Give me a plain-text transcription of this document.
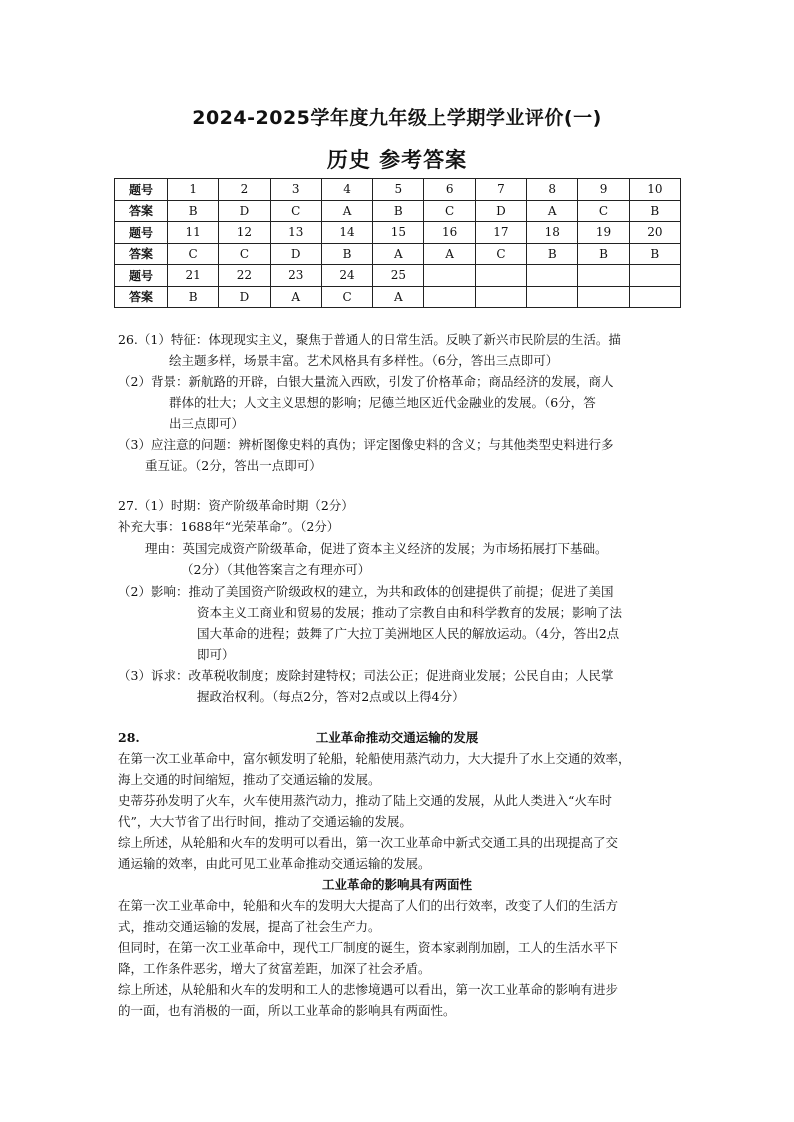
2024-2025学年度九年级上学期学业评价(一)
历史 参考答案
题号	1	2	3	4	5	6	7	8	9	10
答案	B	D	C	A	B	C	D	A	C	B
题号	11	12	13	14	15	16	17	18	19	20
答案	C	C	D	B	A	A	C	B	B	B
题号	21	22	23	24	25					
答案	B	D	A	C	A					
26.（1）特征：体现现实主义，聚焦于普通人的日常生活。反映了新兴市民阶层的生活。描
绘主题多样，场景丰富。艺术风格具有多样性。（6分，答出三点即可）
（2）背景：新航路的开辟，白银大量流入西欧，引发了价格革命；商品经济的发展，商人
群体的壮大；人文主义思想的影响；尼德兰地区近代金融业的发展。（6分，答
出三点即可）
（3）应注意的问题：辨析图像史料的真伪；评定图像史料的含义；与其他类型史料进行多
重互证。（2分，答出一点即可）
27.（1）时期：资产阶级革命时期（2分）
补充大事：1688年“光荣革命”。（2分）
理由：英国完成资产阶级革命，促进了资本主义经济的发展；为市场拓展打下基础。
（2分）（其他答案言之有理亦可）
（2）影响：推动了美国资产阶级政权的建立，为共和政体的创建提供了前提；促进了美国
资本主义工商业和贸易的发展；推动了宗教自由和科学教育的发展；影响了法
国大革命的进程；鼓舞了广大拉丁美洲地区人民的解放运动。（4分，答出2点
即可）
（3）诉求：改革税收制度；废除封建特权；司法公正；促进商业发展；公民自由；人民掌
握政治权利。（每点2分，答对2点或以上得4分）
28.	工业革命推动交通运输的发展
在第一次工业革命中，富尔顿发明了轮船，轮船使用蒸汽动力，大大提升了水上交通的效率，
海上交通的时间缩短，推动了交通运输的发展。
史蒂芬孙发明了火车，火车使用蒸汽动力，推动了陆上交通的发展，从此人类进入“火车时
代”，大大节省了出行时间，推动了交通运输的发展。
综上所述，从轮船和火车的发明可以看出，第一次工业革命中新式交通工具的出现提高了交
通运输的效率，由此可见工业革命推动交通运输的发展。
工业革命的影响具有两面性
在第一次工业革命中，轮船和火车的发明大大提高了人们的出行效率，改变了人们的生活方
式，推动交通运输的发展，提高了社会生产力。
但同时，在第一次工业革命中，现代工厂制度的诞生，资本家剥削加剧，工人的生活水平下
降，工作条件恶劣，增大了贫富差距，加深了社会矛盾。
综上所述，从轮船和火车的发明和工人的悲惨境遇可以看出，第一次工业革命的影响有进步
的一面，也有消极的一面，所以工业革命的影响具有两面性。
